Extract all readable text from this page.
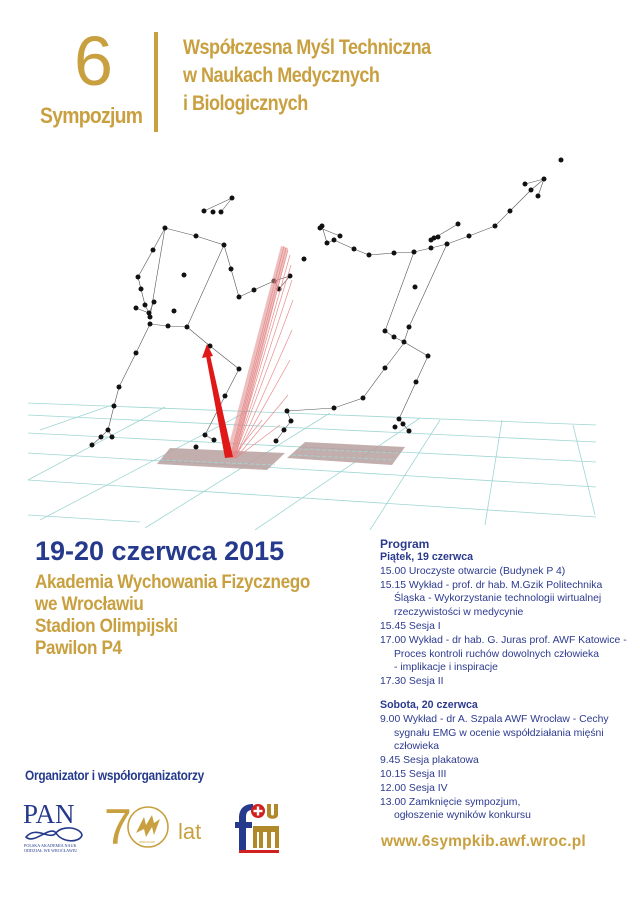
6
Sympozjum
Współczesna Myśl Techniczna
w Naukach Medycznych
i Biologicznych
19-20 czerwca 2015
Akademia Wychowania Fizycznego
we Wrocławiu
Stadion Olimpijski
Pawilon P4
Program
Piątek, 19 czerwca
15.00 Uroczyste otwarcie (Budynek P 4)
15.15 Wykład - prof. dr hab. M.Gzik Politechnika
Śląska - Wykorzystanie technologii wirtualnej
rzeczywistości w medycynie
15.45 Sesja I
17.00 Wykład - dr hab. G. Juras prof. AWF Katowice -
Proces kontroli ruchów dowolnych człowieka
- implikacje i inspiracje
17.30 Sesja II
Sobota, 20 czerwca
9.00 Wykład - dr A. Szpala AWF Wrocław - Cechy
sygnału EMG w ocenie współdziałania mięśni
człowieka
9.45 Sesja plakatowa
10.15 Sesja III
12.00 Sesja IV
13.00 Zamknięcie sympozjum,
ogłoszenie wyników konkursu
www.6sympkib.awf.wroc.pl
Organizator i współorganizatorzy
PAN
POLSKA AKADEMIA NAUK
ODDZIAŁ WE WROCŁAWIU 7 WROCŁAW lat
